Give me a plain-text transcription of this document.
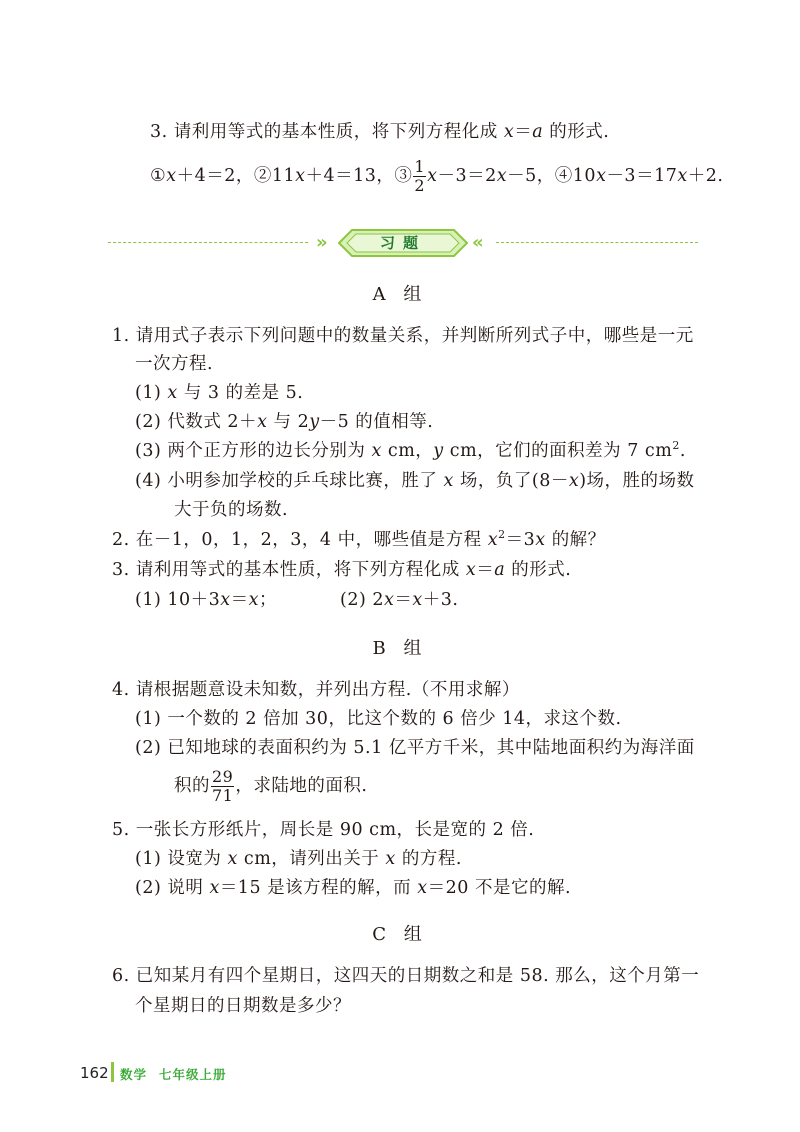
3. 请利用等式的基本性质，将下列方程化成 x＝a 的形式.
①x＋4＝2，②11x＋4＝13，③ $\frac{1}{2} x-3=2x-5$，④10x－3＝17x＋2.
»	习题	«
A 组
1. 请用式子表示下列问题中的数量关系，并判断所列式子中，哪些是一元
一次方程.
(1) x 与 3 的差是 5.
(2) 代数式 2＋x 与 2y－5 的值相等.
(3) 两个正方形的边长分别为 x cm，y cm，它们的面积差为 7 $cm^2$.
(4) 小明参加学校的乒乓球比赛，胜了 x 场，负了(8－x)场，胜的场数
大于负的场数.
2. 在－1，0，1，2，3，4 中，哪些值是方程 $x^2=3x$ 的解？
3. 请利用等式的基本性质，将下列方程化成 x＝a 的形式.
(1) 10＋3x＝x；	(2) 2x＝x＋3.
B 组
4. 请根据题意设未知数，并列出方程.（不用求解）
(1) 一个数的 2 倍加 30，比这个数的 6 倍少 14，求这个数.
(2) 已知地球的表面积约为 5.1 亿平方千米，其中陆地面积约为海洋面
积的 $\frac{29}{71}$ ，求陆地的面积.
5. 一张长方形纸片，周长是 90 cm，长是宽的 2 倍.
(1) 设宽为 x cm，请列出关于 x 的方程.
(2) 说明 x＝15 是该方程的解，而 x＝20 不是它的解.
C 组
6. 已知某月有四个星期日，这四天的日期数之和是 58. 那么，这个月第一
个星期日的日期数是多少？
162 数学 七年级上册
